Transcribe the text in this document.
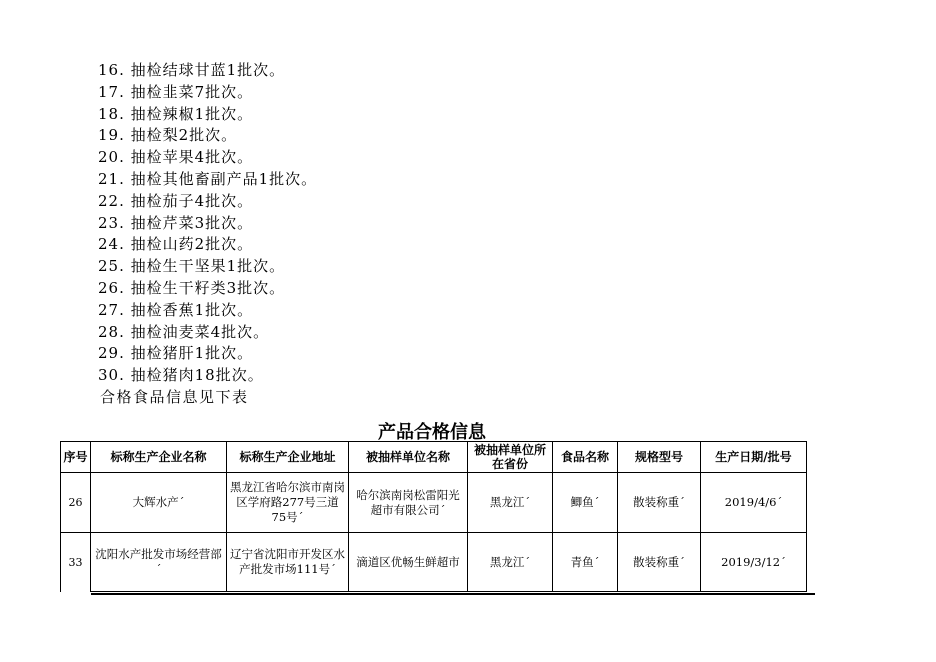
16. 抽检结球甘蓝1批次。
17. 抽检韭菜7批次。
18. 抽检辣椒1批次。
19. 抽检梨2批次。
20. 抽检苹果4批次。
21. 抽检其他畜副产品1批次。
22. 抽检茄子4批次。
23. 抽检芹菜3批次。
24. 抽检山药2批次。
25. 抽检生干坚果1批次。
26. 抽检生干籽类3批次。
27. 抽检香蕉1批次。
28. 抽检油麦菜4批次。
29. 抽检猪肝1批次。
30. 抽检猪肉18批次。
合格食品信息见下表
产品合格信息
序号	标称生产企业名称	标称生产企业地址	被抽样单位名称	被抽样单位所在省份	食品名称	规格型号	生产日期/批号
26	大辉水产´	黑龙江省哈尔滨市南岗区学府路277号三道75号´	哈尔滨南岗松雷阳光超市有限公司´	黑龙江´	鲫鱼´	散装称重´	2019/4/6´
33	沈阳水产批发市场经营部´	辽宁省沈阳市开发区水产批发市场111号´	滴道区优畅生鲜超市	黑龙江´	青鱼´	散装称重´	2019/3/12´
